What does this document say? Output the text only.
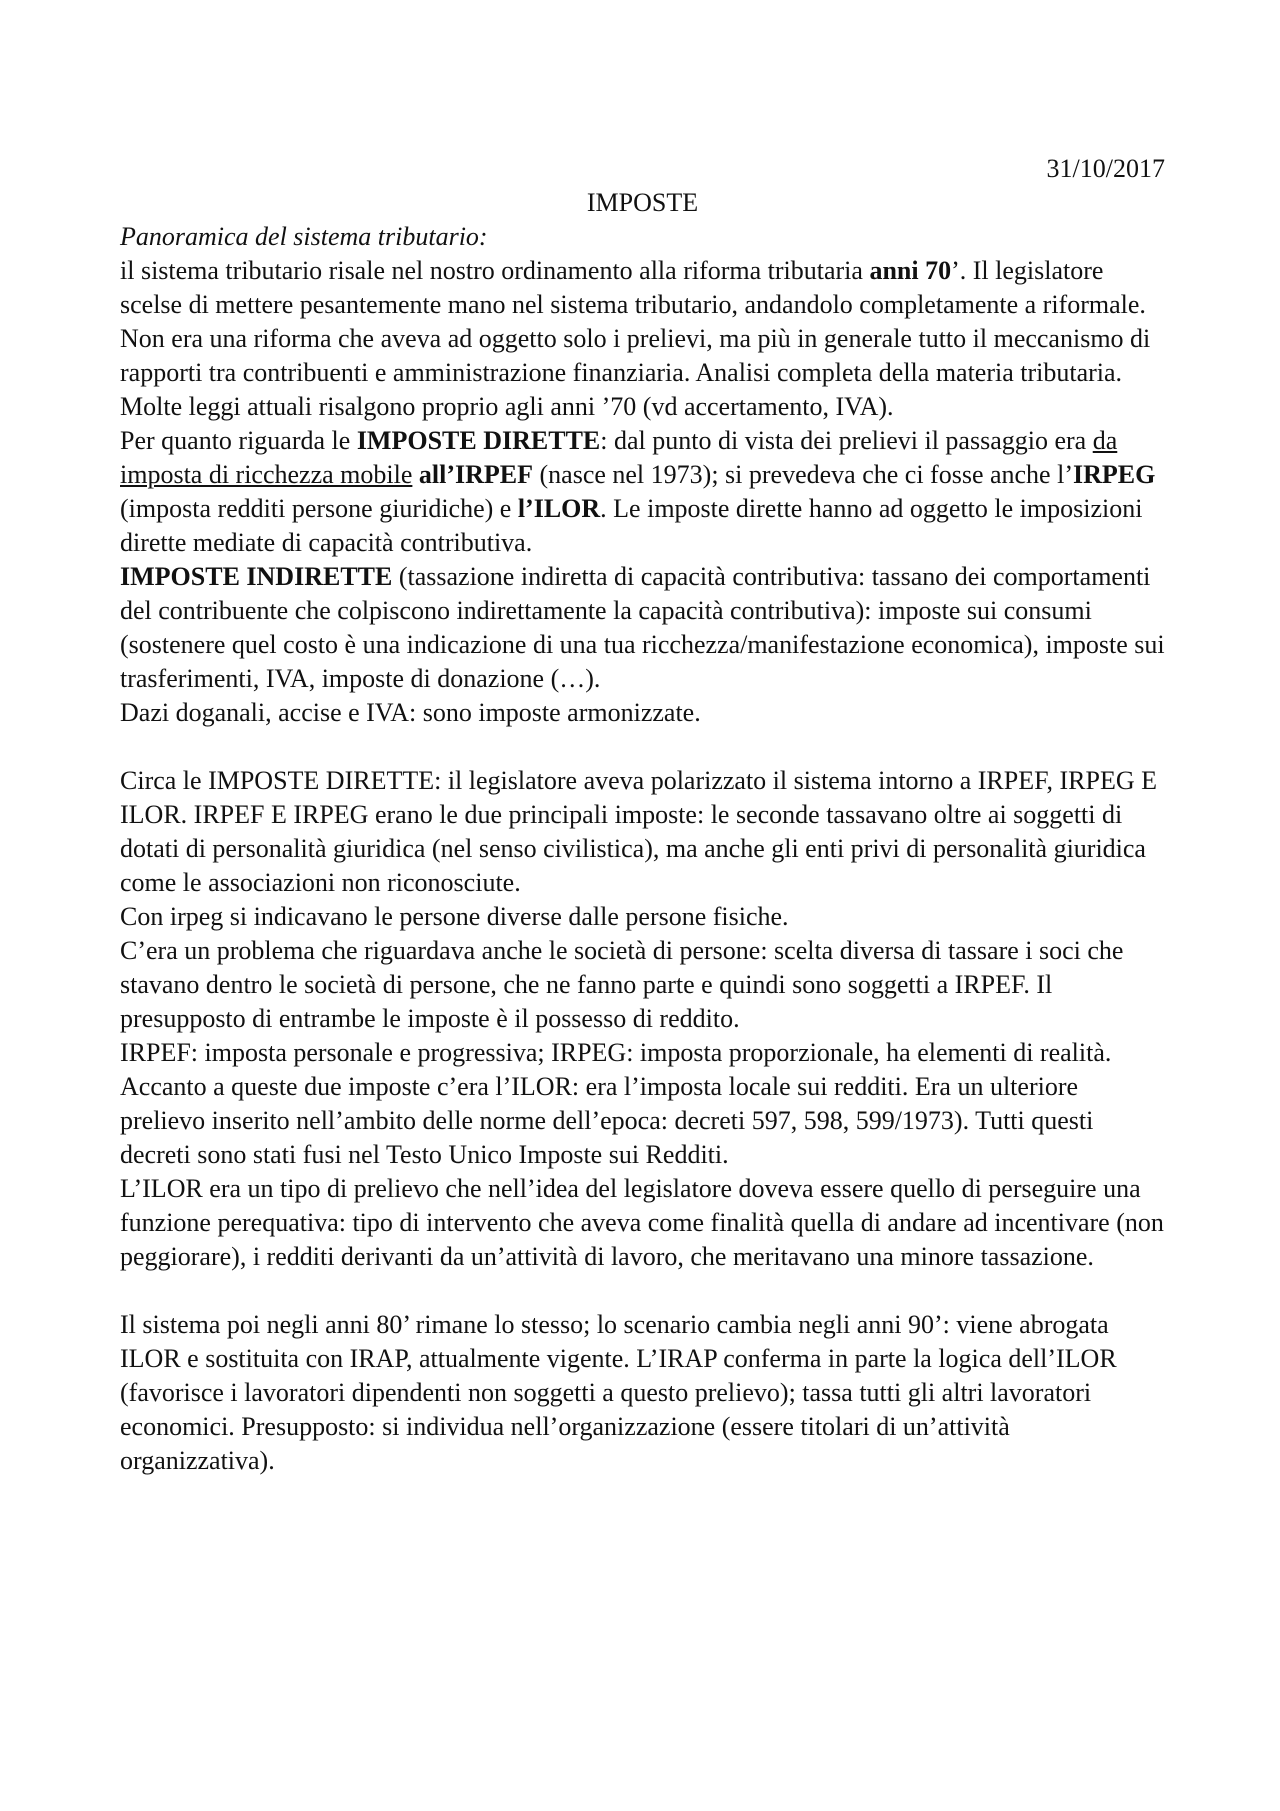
31/10/2017

IMPOSTE

Panoramica del sistema tributario:

il sistema tributario risale nel nostro ordinamento alla riforma tributaria anni 70’. Il legislatore scelse di mettere pesantemente mano nel sistema tributario, andandolo completamente a riformale. Non era una riforma che aveva ad oggetto solo i prelievi, ma più in generale tutto il meccanismo di rapporti tra contribuenti e amministrazione finanziaria. Analisi completa della materia tributaria.

Molte leggi attuali risalgono proprio agli anni ’70 (vd accertamento, IVA).

Per quanto riguarda le IMPOSTE DIRETTE: dal punto di vista dei prelievi il passaggio era da imposta di ricchezza mobile all’IRPEF (nasce nel 1973); si prevedeva che ci fosse anche l’IRPEG (imposta redditi persone giuridiche) e l’ILOR. Le imposte dirette hanno ad oggetto le imposizioni dirette mediate di capacità contributiva.

IMPOSTE INDIRETTE (tassazione indiretta di capacità contributiva: tassano dei comportamenti del contribuente che colpiscono indirettamente la capacità contributiva): imposte sui consumi (sostenere quel costo è una indicazione di una tua ricchezza/manifestazione economica), imposte sui trasferimenti, IVA, imposte di donazione (…).

Dazi doganali, accise e IVA: sono imposte armonizzate.

Circa le IMPOSTE DIRETTE: il legislatore aveva polarizzato il sistema intorno a IRPEF, IRPEG E ILOR. IRPEF E IRPEG erano le due principali imposte: le seconde tassavano oltre ai soggetti di dotati di personalità giuridica (nel senso civilistica), ma anche gli enti privi di personalità giuridica come le associazioni non riconosciute.

Con irpeg si indicavano le persone diverse dalle persone fisiche.

C’era un problema che riguardava anche le società di persone: scelta diversa di tassare i soci che stavano dentro le società di persone, che ne fanno parte e quindi sono soggetti a IRPEF. Il presupposto di entrambe le imposte è il possesso di reddito.

IRPEF: imposta personale e progressiva; IRPEG: imposta proporzionale, ha elementi di realità.

Accanto a queste due imposte c’era l’ILOR: era l’imposta locale sui redditi. Era un ulteriore prelievo inserito nell’ambito delle norme dell’epoca: decreti 597, 598, 599/1973). Tutti questi decreti sono stati fusi nel Testo Unico Imposte sui Redditi.

L’ILOR era un tipo di prelievo che nell’idea del legislatore doveva essere quello di perseguire una funzione perequativa: tipo di intervento che aveva come finalità quella di andare ad incentivare (non peggiorare), i redditi derivanti da un’attività di lavoro, che meritavano una minore tassazione.

Il sistema poi negli anni 80’ rimane lo stesso; lo scenario cambia negli anni 90’: viene abrogata ILOR e sostituita con IRAP, attualmente vigente. L’IRAP conferma in parte la logica dell’ILOR (favorisce i lavoratori dipendenti non soggetti a questo prelievo); tassa tutti gli altri lavoratori economici. Presupposto: si individua nell’organizzazione (essere titolari di un’attività organizzativa).
